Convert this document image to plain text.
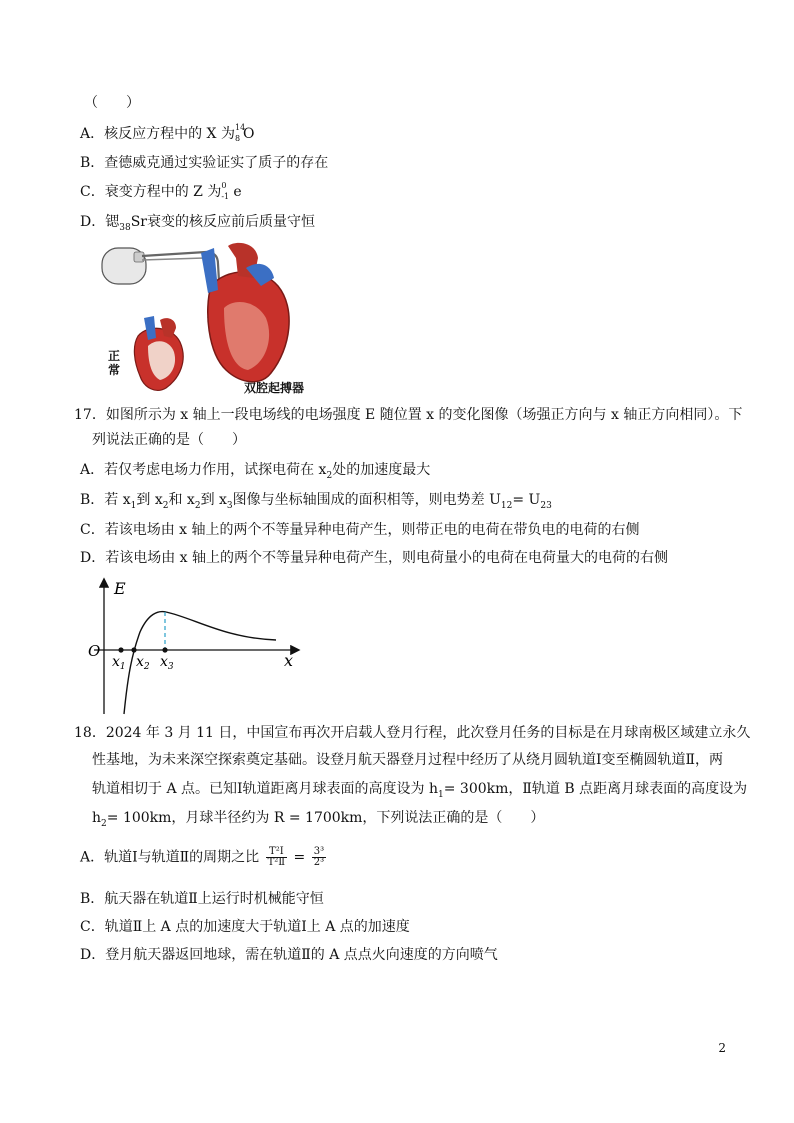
（　　）
A．核反应方程中的 X 为 14
8 O
B．查德威克通过实验证实了质子的存在
C．衰变方程中的 Z 为 0
-1 e
D．锶$_{38}$Sr衰变的核反应前后质量守恒
正
常
双腔起搏器
17．如图所示为 x 轴上一段电场线的电场强度 E 随位置 x 的变化图像（场强正方向与 x 轴正方向相同）。下
列说法正确的是（　　）
A．若仅考虑电场力作用，试探电荷在 $x_2$处的加速度最大
B．若 $x_1$到 $x_2$和 $x_2$到 $x_3$图像与坐标轴围成的面积相等，则电势差 $U_{12}= U_{23}$
C．若该电场由 x 轴上的两个不等量异种电荷产生，则带正电的电荷在带负电的电荷的右侧
D．若该电场由 x 轴上的两个不等量异种电荷产生，则电荷量小的电荷在电荷量大的电荷的右侧
E
x
O
$x_1$ $x_2$ $x_3$
18．2024 年 3 月 11 日，中国宣布再次开启载人登月行程，此次登月任务的目标是在月球南极区域建立永久
性基地，为未来深空探索奠定基础。设登月航天器登月过程中经历了从绕月圆轨道Ⅰ变至椭圆轨道Ⅱ，两
轨道相切于 A 点。已知Ⅰ轨道距离月球表面的高度设为 $h_1= 300km$，Ⅱ轨道 B 点距离月球表面的高度设为
$h_2= 100km$，月球半径约为 R = 1700km，下列说法正确的是（　　）
A．轨道Ⅰ与轨道Ⅱ的周期之比 $\frac{\text{T²Ⅰ}}{\text{T²Ⅱ}} = \frac{\text{3³}}{\text{2³}}$
B．航天器在轨道Ⅱ上运行时机械能守恒
C．轨道Ⅱ上 A 点的加速度大于轨道Ⅰ上 A 点的加速度
D．登月航天器返回地球，需在轨道Ⅱ的 A 点点火向速度的方向喷气
2
